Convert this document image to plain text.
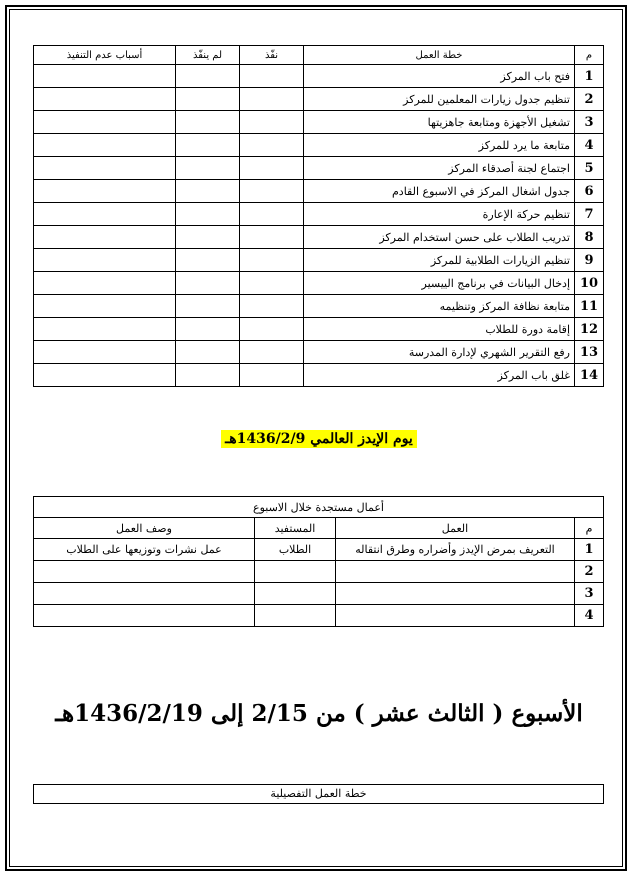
م	خطة العمل	نفّذ	لم ينفّذ	أسباب عدم التنفيذ
1	فتح باب المركز			
2	تنظيم جدول زيارات المعلمين للمركز			
3	تشغيل الأجهزة ومتابعة جاهزيتها			
4	متابعة ما يرد للمركز			
5	اجتماع لجنة أصدقاء المركز			
6	جدول اشغال المركز في الاسبوع القادم			
7	تنظيم حركة الإعارة			
8	تدريب الطلاب على حسن استخدام المركز			
9	تنظيم الزيارات الطلابية للمركز			
10	إدخال البيانات في برنامج الييسير			
11	متابعة نظافة المركز وتنظيمه			
12	إقامة دورة للطلاب			
13	رفع التقرير الشهري لإدارة المدرسة			
14	غلق باب المركز			
يوم الإيدز العالمي 1436/2/9هـ
أعمال مستجدة خلال الاسبوع			
م	العمل	المستفيد	وصف العمل
1	التعريف بمرض الإيدز وأضراره وطرق انتقاله	الطلاب	عمل نشرات وتوزيعها على الطلاب
2			
3			
4			
الأسبوع ( الثالث عشر ) من 2/15 إلى 1436/2/19هـ
خطة العمل التفصيلية
